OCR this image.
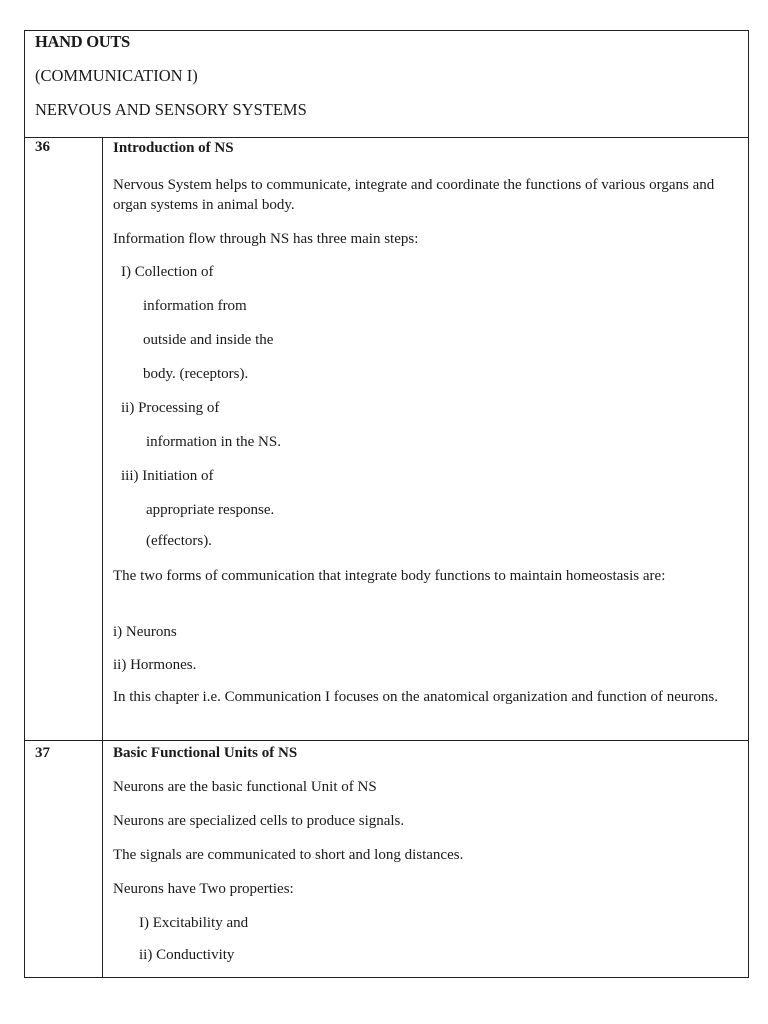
HAND OUTS
(COMMUNICATION I)
NERVOUS AND SENSORY SYSTEMS
36	Introduction of NS
Nervous System helps to communicate, integrate and coordinate the functions of various organs and organ systems in animal body.
Information flow through NS has three main steps:
I) Collection of
information from
outside and inside the
body. (receptors).
ii) Processing of
information in the NS.
iii) Initiation of
appropriate response.
(effectors).
The two forms of communication that integrate body functions to maintain homeostasis are:
i) Neurons
ii) Hormones.
In this chapter i.e. Communication I focuses on the anatomical organization and function of neurons.
37	Basic Functional Units of NS
Neurons are the basic functional Unit of NS
Neurons are specialized cells to produce signals.
The signals are communicated to short and long distances.
Neurons have Two properties:
I) Excitability and
ii) Conductivity
